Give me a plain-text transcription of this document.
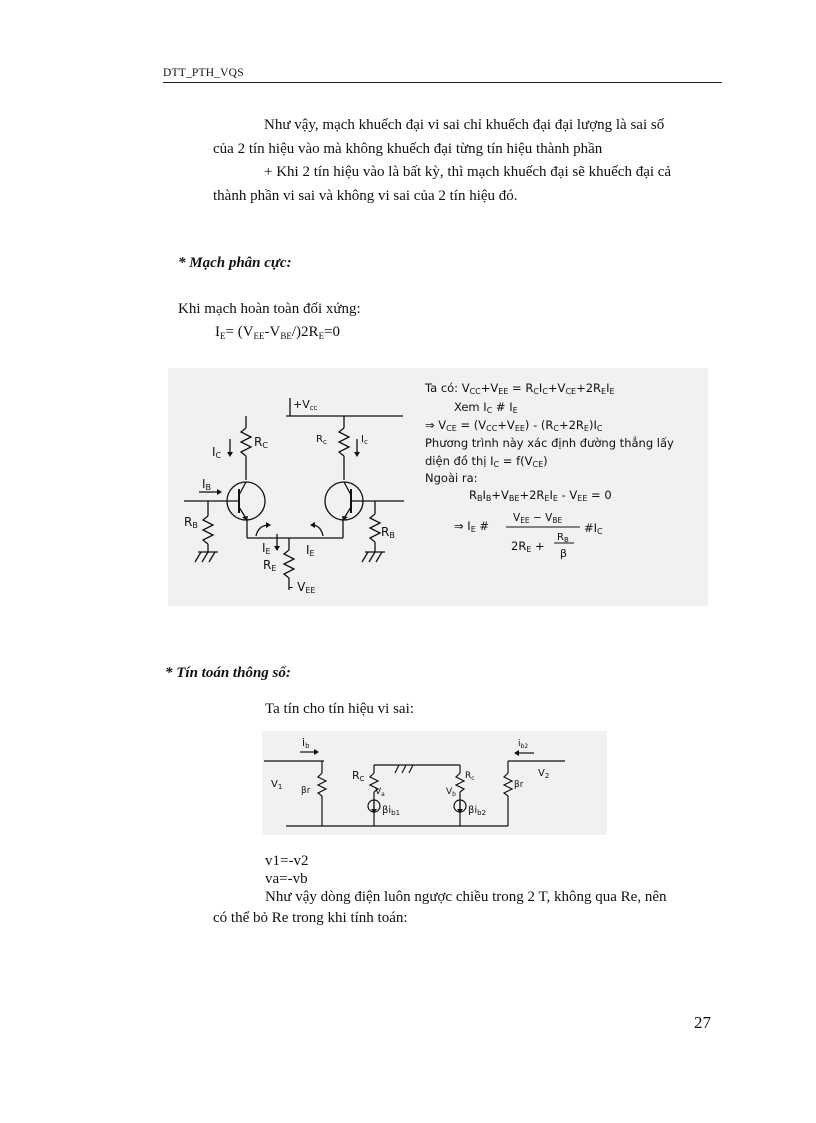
DTT_PTH_VQS
Như vậy, mạch khuếch đại vi sai chỉ khuếch đại đại lượng là sai số
của 2 tín hiệu vào mà không khuếch đại từng tín hiệu thành phần
+ Khi 2 tín hiệu vào là bất kỳ, thì mạch khuếch đại sẽ khuếch đại cả
thành phần vi sai và không vi sai của 2 tín hiệu đó.
* Mạch phân cực:
Khi mạch hoàn toàn đối xứng:
$I_E= (V_{EE}-V_{BE}/)2R_E=0$
+Vcc
RC
$R_c$
IC
$I_c$
IB
RB	RB
IE	IE
RE
- VEE
Ta có: VCC+VEE = RCIC+VCE+2REIE
Xem IC # IE
⇒ VCE = (VCC+VEE) - (RC+2RE)IC
Phương trình này xác định đường thẳng lấy
diện đồ thị IC = f(VCE)
Ngoài ra:
RBIB+VBE+2REIE - VEE = 0
⇒ IE #
VEE − VBE
#IC
2RE +
$R_B$
β
* Tín toán thông số:
Ta tín cho tín hiệu vi sai:
ib	$i_{b2}$
$V_1$
$V_2$
βr
βr
RC	$R_c$
$V_a$	$V_b$
$\beta i_{b1}$	$\beta i_{b2}$
v1=-v2
va=-vb
Như vậy dòng điện luôn ngược chiều trong 2 T, không qua Re, nên
có thể bỏ Re trong khi tính toán:
27
